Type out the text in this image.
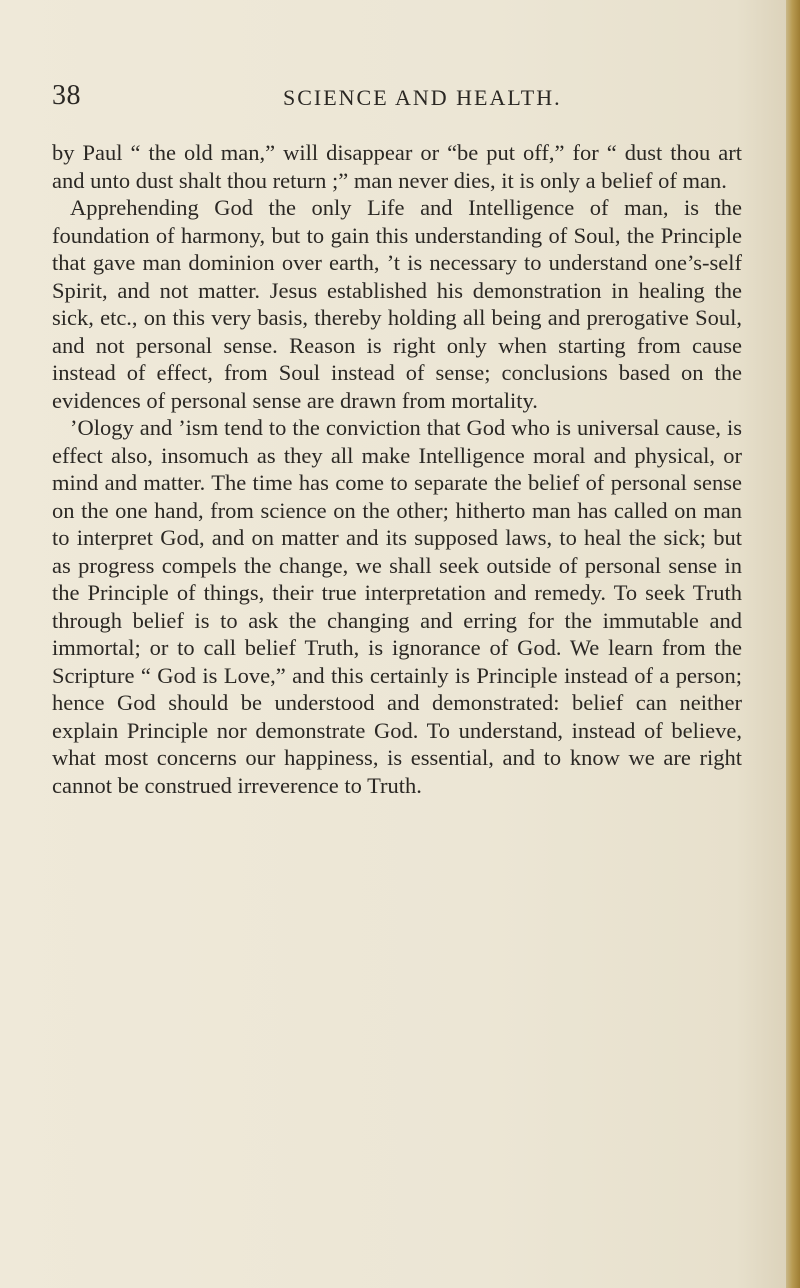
38	SCIENCE AND HEALTH.

by Paul “ the old man,” will disappear or “be put off,” for “ dust thou art and unto dust shalt thou return ;” man never dies, it is only a belief of man.

Apprehending God the only Life and Intelligence of man, is the foundation of harmony, but to gain this understanding of Soul, the Principle that gave man dominion over earth, ’t is necessary to understand one’s-self Spirit, and not matter. Jesus established his demonstration in healing the sick, etc., on this very basis, thereby holding all being and prerogative Soul, and not personal sense. Reason is right only when starting from cause instead of effect, from Soul instead of sense; conclusions based on the evidences of personal sense are drawn from mortality.

’Ology and ’ism tend to the conviction that God who is universal cause, is effect also, insomuch as they all make Intelligence moral and physical, or mind and matter. The time has come to separate the belief of personal sense on the one hand, from science on the other; hitherto man has called on man to interpret God, and on matter and its supposed laws, to heal the sick; but as progress compels the change, we shall seek outside of personal sense in the Principle of things, their true interpretation and remedy. To seek Truth through belief is to ask the changing and erring for the immutable and immortal; or to call belief Truth, is ignorance of God. We learn from the Scripture “ God is Love,” and this certainly is Principle instead of a person; hence God should be understood and demonstrated: belief can neither explain Principle nor demonstrate God. To understand, instead of believe, what most concerns our happiness, is essential, and to know we are right cannot be construed irreverence to Truth.
